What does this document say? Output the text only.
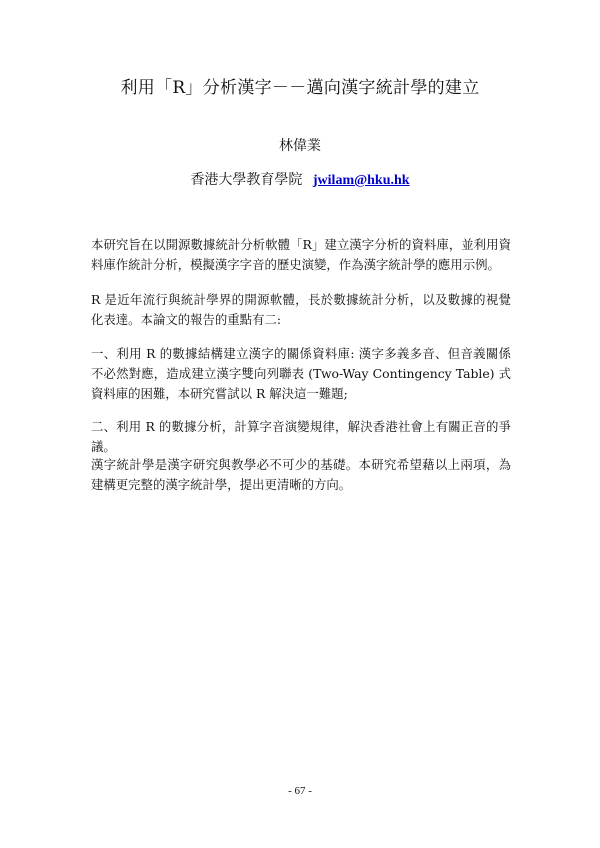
利用「R」分析漢字－－邁向漢字統計學的建立
林偉業
香港大學教育學院 jwilam@hku.hk

本研究旨在以開源數據統計分析軟體「R」建立漢字分析的資料庫，並利用資料庫作統計分析，模擬漢字字音的歷史演變，作為漢字統計學的應用示例。

R 是近年流行與統計學界的開源軟體，長於數據統計分析，以及數據的視覺化表達。本論文的報告的重點有二:

一、利用 R 的數據結構建立漢字的關係資料庫: 漢字多義多音、但音義關係不必然對應，造成建立漢字雙向列聯表 (Two-Way Contingency Table) 式資料庫的困難，本研究嘗試以 R 解決這一難題;

二、利用 R 的數據分析，計算字音演變規律，解決香港社會上有關正音的爭議。

漢字統計學是漢字研究與教學必不可少的基礎。本研究希望藉以上兩項，為建構更完整的漢字統計學，提出更清晰的方向。

- 67 -
